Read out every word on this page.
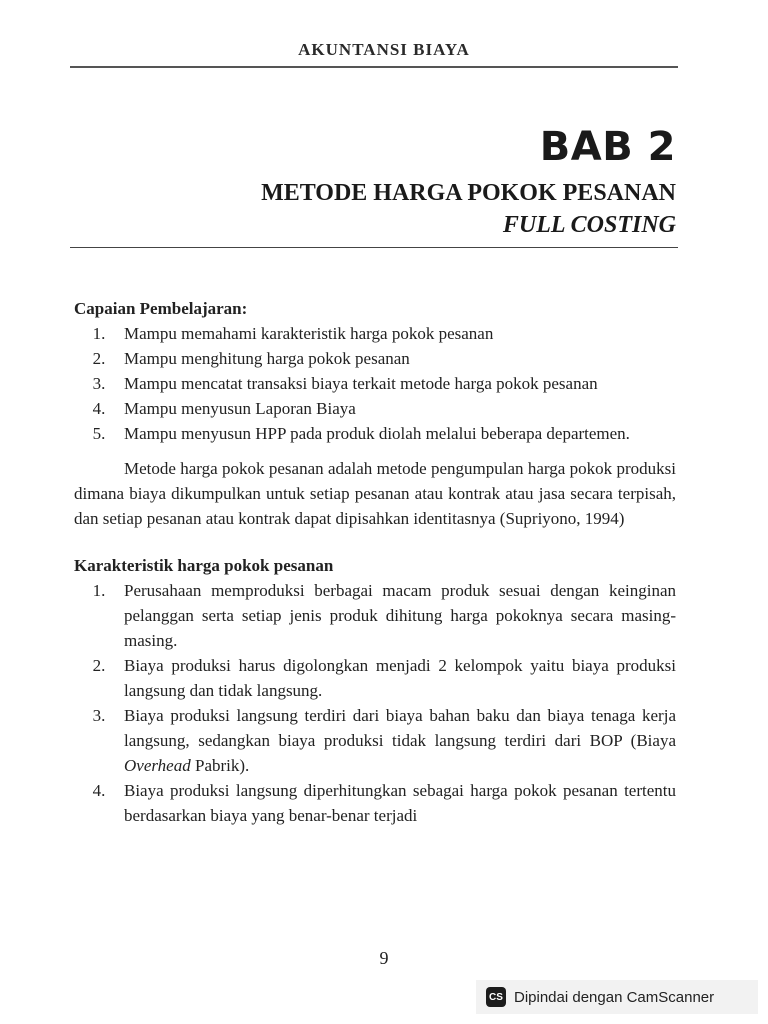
AKUNTANSI BIAYA
BAB 2
METODE HARGA POKOK PESANAN
FULL COSTING

Capaian Pembelajaran:

1.	Mampu memahami karakteristik harga pokok pesanan
2.	Mampu menghitung harga pokok pesanan
3.	Mampu mencatat transaksi biaya terkait metode harga pokok pesanan
4.	Mampu menyusun Laporan Biaya
5.	Mampu menyusun HPP pada produk diolah melalui beberapa departemen.

Metode harga pokok pesanan adalah metode pengumpulan harga pokok produksi dimana biaya dikumpulkan untuk setiap pesanan atau kontrak atau jasa secara terpisah, dan setiap pesanan atau kontrak dapat dipisahkan identitasnya (Supriyono, 1994)

Karakteristik harga pokok pesanan

1.	Perusahaan memproduksi berbagai macam produk sesuai dengan keinginan pelanggan serta setiap jenis produk dihitung harga pokoknya secara masing-masing.
2.	Biaya produksi harus digolongkan menjadi 2 kelompok yaitu biaya produksi langsung dan tidak langsung.
3.	Biaya produksi langsung terdiri dari biaya bahan baku dan biaya tenaga kerja langsung, sedangkan biaya produksi tidak langsung terdiri dari BOP (Biaya Overhead Pabrik).
4.	Biaya produksi langsung diperhitungkan sebagai harga pokok pesanan tertentu berdasarkan biaya yang benar-benar terjadi
9
CS Dipindai dengan CamScanner
